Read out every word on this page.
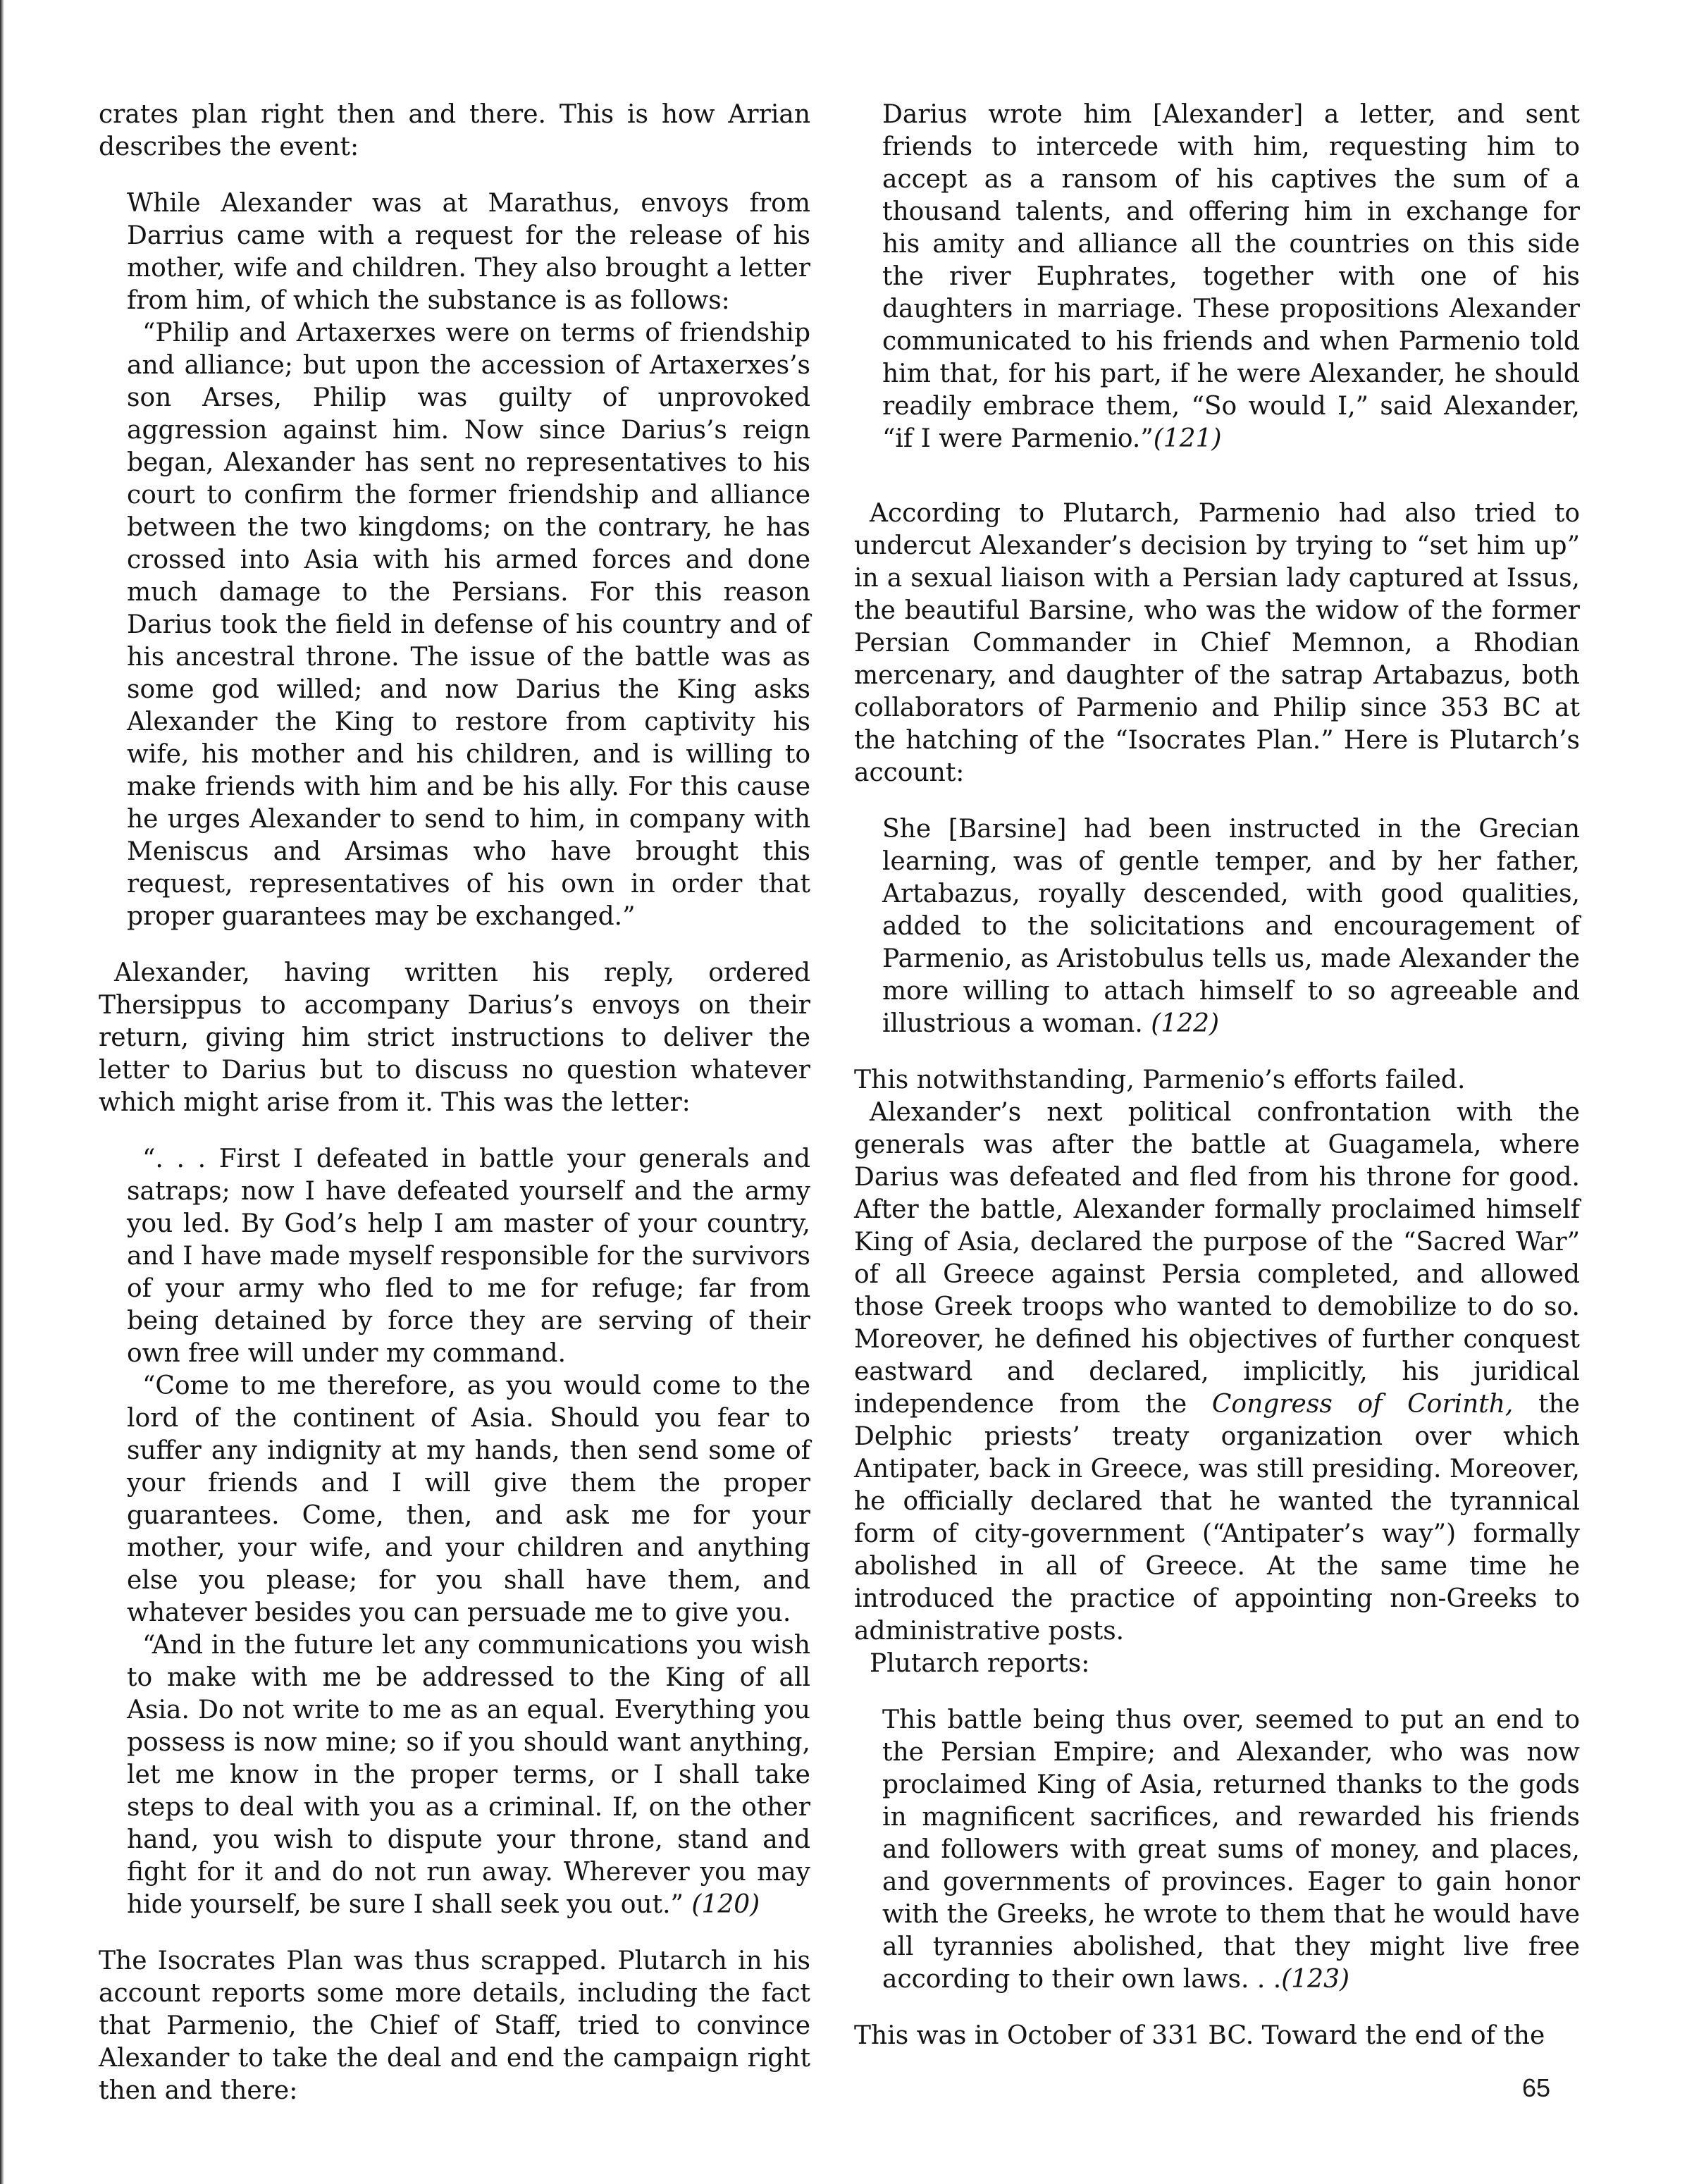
crates plan right then and there. This is how Arrian describes the event:

While Alexander was at Marathus, envoys from Darrius came with a request for the release of his mother, wife and children. They also brought a letter from him, of which the substance is as follows:

“Philip and Artaxerxes were on terms of friendship and alliance; but upon the accession of Artaxerxes’s son Arses, Philip was guilty of unprovoked aggression against him. Now since Darius’s reign began, Alexander has sent no representatives to his court to confirm the former friendship and alliance between the two kingdoms; on the contrary, he has crossed into Asia with his armed forces and done much damage to the Persians. For this reason Darius took the field in defense of his country and of his ancestral throne. The issue of the battle was as some god willed; and now Darius the King asks Alexander the King to restore from captivity his wife, his mother and his children, and is willing to make friends with him and be his ally. For this cause he urges Alexander to send to him, in company with Meniscus and Arsimas who have brought this request, representatives of his own in order that proper guarantees may be exchanged.”

Alexander, having written his reply, ordered Thersippus to accompany Darius’s envoys on their return, giving him strict instructions to deliver the letter to Darius but to discuss no question whatever which might arise from it. This was the letter:

“. . . First I defeated in battle your generals and satraps; now I have defeated yourself and the army you led. By God’s help I am master of your country, and I have made myself responsible for the survivors of your army who fled to me for refuge; far from being detained by force they are serving of their own free will under my command.

“Come to me therefore, as you would come to the lord of the continent of Asia. Should you fear to suffer any indignity at my hands, then send some of your friends and I will give them the proper guarantees. Come, then, and ask me for your mother, your wife, and your children and anything else you please; for you shall have them, and whatever besides you can persuade me to give you.

“And in the future let any communications you wish to make with me be addressed to the King of all Asia. Do not write to me as an equal. Everything you possess is now mine; so if you should want anything, let me know in the proper terms, or I shall take steps to deal with you as a criminal. If, on the other hand, you wish to dispute your throne, stand and fight for it and do not run away. Wherever you may hide yourself, be sure I shall seek you out.” (120)

The Isocrates Plan was thus scrapped. Plutarch in his account reports some more details, including the fact that Parmenio, the Chief of Staff, tried to convince Alexander to take the deal and end the campaign right then and there:

Darius wrote him [Alexander] a letter, and sent friends to intercede with him, requesting him to accept as a ransom of his captives the sum of a thousand talents, and offering him in exchange for his amity and alliance all the countries on this side the river Euphrates, together with one of his daughters in marriage. These propositions Alexander communicated to his friends and when Parmenio told him that, for his part, if he were Alexander, he should readily embrace them, “So would I,” said Alexander, “if I were Parmenio.”(121)

According to Plutarch, Parmenio had also tried to undercut Alexander’s decision by trying to “set him up” in a sexual liaison with a Persian lady captured at Issus, the beautiful Barsine, who was the widow of the former Persian Commander in Chief Memnon, a Rhodian mercenary, and daughter of the satrap Artabazus, both collaborators of Parmenio and Philip since 353 BC at the hatching of the “Isocrates Plan.” Here is Plutarch’s account:

She [Barsine] had been instructed in the Grecian learning, was of gentle temper, and by her father, Artabazus, royally descended, with good qualities, added to the solicitations and encouragement of Parmenio, as Aristobulus tells us, made Alexander the more willing to attach himself to so agreeable and illustrious a woman. (122)

This notwithstanding, Parmenio’s efforts failed.

Alexander’s next political confrontation with the generals was after the battle at Guagamela, where Darius was defeated and fled from his throne for good. After the battle, Alexander formally proclaimed himself King of Asia, declared the purpose of the “Sacred War” of all Greece against Persia completed, and allowed those Greek troops who wanted to demobilize to do so. Moreover, he defined his objectives of further conquest eastward and declared, implicitly, his juridical independence from the Congress of Corinth, the Delphic priests’ treaty organization over which Antipater, back in Greece, was still presiding. Moreover, he officially declared that he wanted the tyrannical form of city-government (“Antipater’s way”) formally abolished in all of Greece. At the same time he introduced the practice of appointing non-Greeks to administrative posts.

Plutarch reports:

This battle being thus over, seemed to put an end to the Persian Empire; and Alexander, who was now proclaimed King of Asia, returned thanks to the gods in magnificent sacrifices, and rewarded his friends and followers with great sums of money, and places, and governments of provinces. Eager to gain honor with the Greeks, he wrote to them that he would have all tyrannies abolished, that they might live free according to their own laws. . .(123)

This was in October of 331 BC. Toward the end of the

65
